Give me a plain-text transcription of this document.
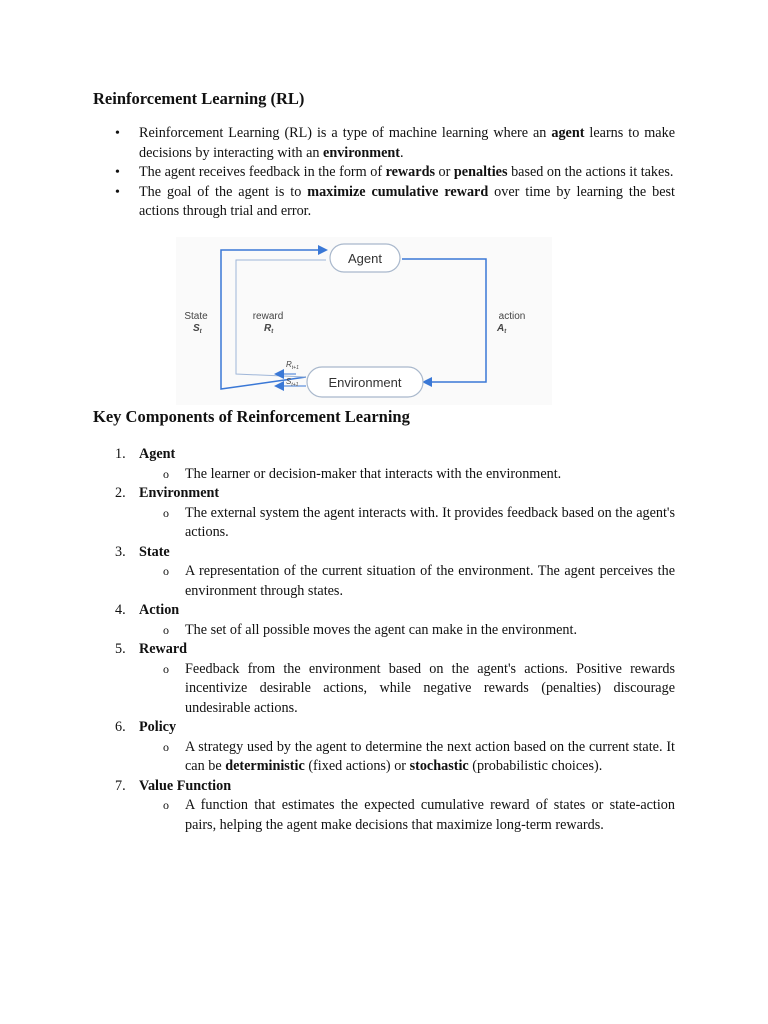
Reinforcement Learning (RL)
• Reinforcement Learning (RL) is a type of machine learning where an agent learns to make decisions by interacting with an environment.
• The agent receives feedback in the form of rewards or penalties based on the actions it takes.
• The goal of the agent is to maximize cumulative reward over time by learning the best actions through trial and error.
Agent
Environment
State
$S_t$
reward
$R_t$
action
$A_t$
$R_{t+1}$
$S_{t+1}$
Key Components of Reinforcement Learning
1. Agent
o The learner or decision-maker that interacts with the environment.
2. Environment
o The external system the agent interacts with. It provides feedback based on the agent's actions.
3. State
o A representation of the current situation of the environment. The agent perceives the environment through states.
4. Action
o The set of all possible moves the agent can make in the environment.
5. Reward
o Feedback from the environment based on the agent's actions. Positive rewards incentivize desirable actions, while negative rewards (penalties) discourage undesirable actions.
6. Policy
o A strategy used by the agent to determine the next action based on the current state. It can be deterministic (fixed actions) or stochastic (probabilistic choices).
7. Value Function
o A function that estimates the expected cumulative reward of states or state-action pairs, helping the agent make decisions that maximize long-term rewards.
